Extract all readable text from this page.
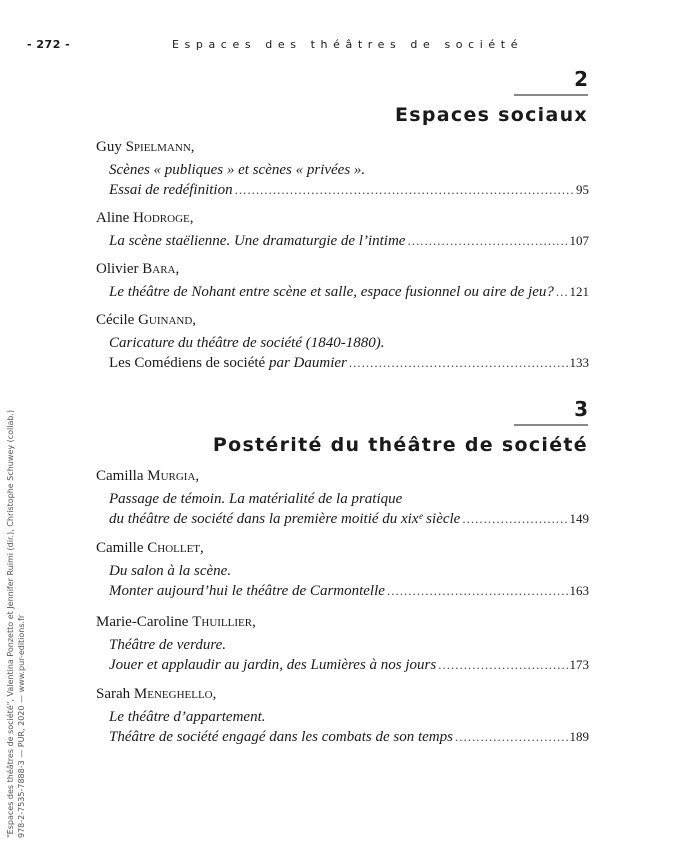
- 272 -	Espaces des théâtres de société
2
Espaces sociaux
Guy Spielmann,
Scènes « publiques » et scènes « privées ».
Essai de redéfinition .....	95
Aline Hodroge,
La scène staëlienne. Une dramaturgie de l’intime .....	107
Olivier Bara,
Le théâtre de Nohant entre scène et salle, espace fusionnel ou aire de jeu? ..... 121
Cécile Guinand,
Caricature du théâtre de société (1840-1880).
Les Comédiens de société par Daumier .....	133
3
Postérité du théâtre de société
Camilla Murgia,
Passage de témoin. La matérialité de la pratique
du théâtre de société dans la première moitié du xixᵉ siècle .....	149
Camille Chollet,
Du salon à la scène.
Monter aujourd’hui le théâtre de Carmontelle .....	163
Marie-Caroline Thuillier,
Théâtre de verdure.
Jouer et applaudir au jardin, des Lumières à nos jours .....	173
Sarah Meneghello,
Le théâtre d’appartement.
Théâtre de société engagé dans les combats de son temps .....	189
"Espaces des théâtres de société", Valentina Ponzetto et Jennifer Ruimi (dir.), Christophe Schuwey (collab.) 978-2-7535-7888-3 — PUR, 2020 — www.pur-editions.fr
